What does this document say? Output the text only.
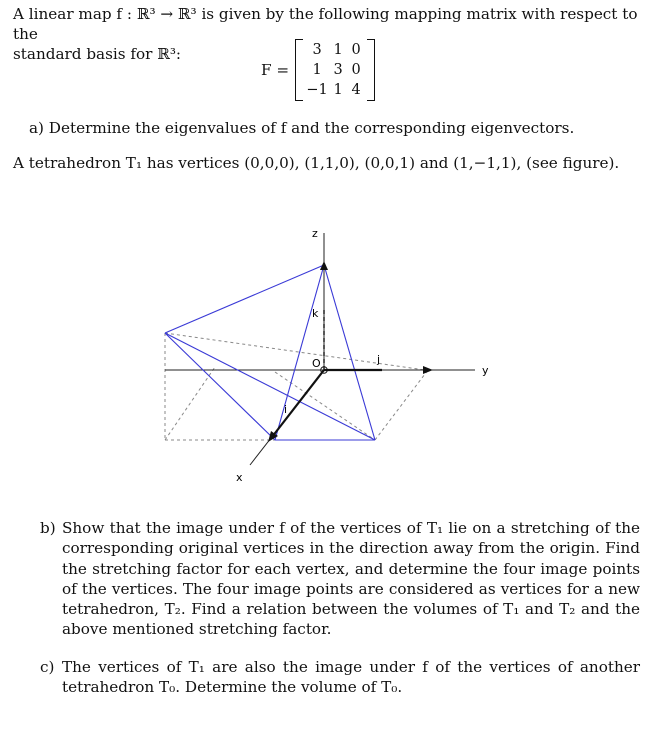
A linear map f : ℝ³ → ℝ³ is given by the following mapping matrix with respect to the
standard basis for ℝ³:
F =
3 1 0
1 3 0
−1 1 4
a) Determine the eigenvalues of f and the corresponding eigenvectors.
A tetrahedron T₁ has vertices (0,0,0), (1,1,0), (0,0,1) and (1,−1,1), (see figure).
z
y
x
k
j
i
O
b) Show that the image under f of the vertices of T₁ lie on a stretching of the corresponding original vertices in the direction away from the origin. Find the stretching factor for each vertex, and determine the four image points of the vertices. The four image points are considered as vertices for a new tetrahedron, T₂. Find a relation between the volumes of T₁ and T₂ and the above mentioned stretching factor.
c) The vertices of T₁ are also the image under f of the vertices of another tetrahedron T₀. Determine the volume of T₀.
